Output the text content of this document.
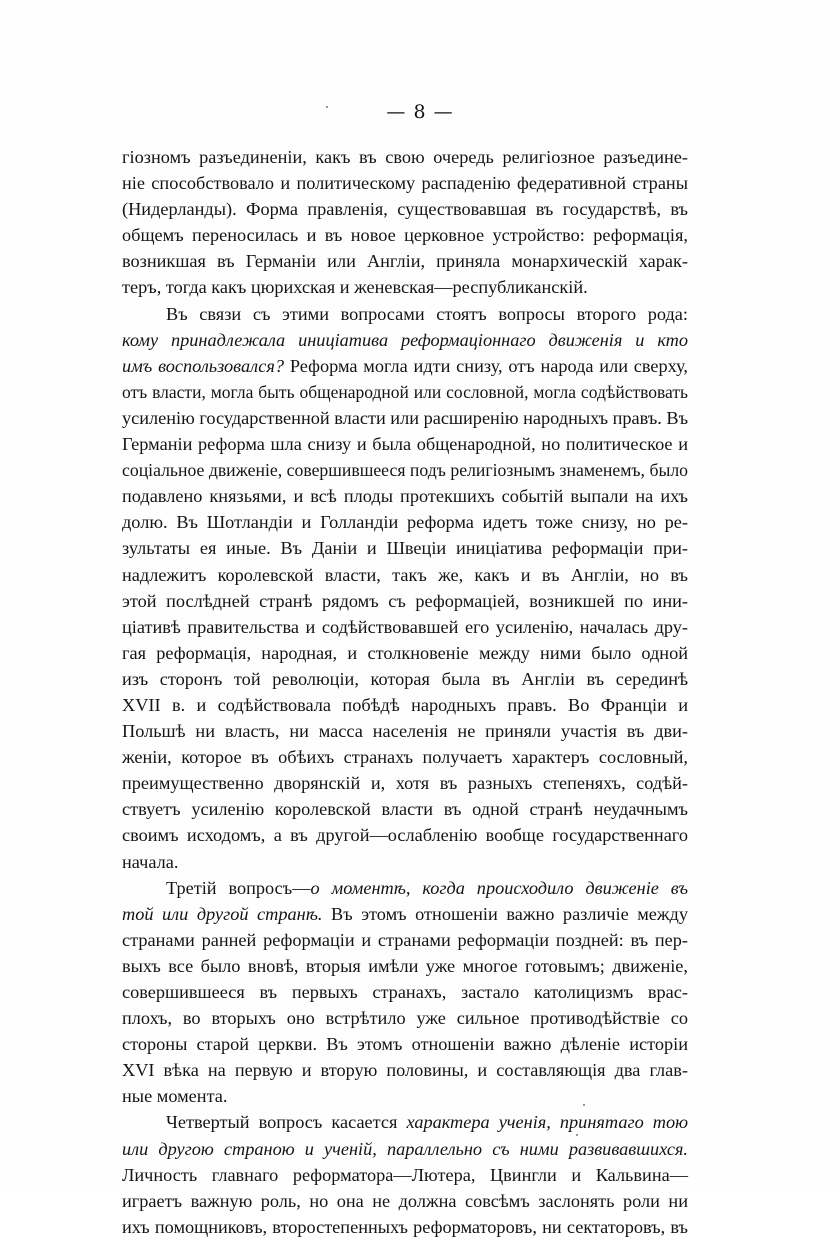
— 8 —
гіозномъ разъединеніи, какъ въ свою очередь религіозное разъедине-
ніе способствовало и политическому распаденію федеративной страны
(Нидерланды). Форма правленія, существовавшая въ государствѣ, въ
общемъ переносилась и въ новое церковное устройство: реформація,
возникшая въ Германіи или Англіи, приняла монархическій харак-
теръ, тогда какъ цюрихская и женевская—республиканскій.
Въ связи съ этими вопросами стоятъ вопросы второго рода:
кому принадлежала иниціатива реформаціоннаго движенія и кто
имъ воспользовался? Реформа могла идти снизу, отъ народа или сверху,
отъ власти, могла быть общенародной или сословной, могла содѣйствовать
усиленію государственной власти или расширенію народныхъ правъ. Въ
Германіи реформа шла снизу и была общенародной, но политическое и
соціальное движеніе, совершившееся подъ религіознымъ знаменемъ, было
подавлено князьями, и всѣ плоды протекшихъ событій выпали на ихъ
долю. Въ Шотландіи и Голландіи реформа идетъ тоже снизу, но ре-
зультаты ея иные. Въ Даніи и Швеціи иниціатива реформаціи при-
надлежитъ королевской власти, такъ же, какъ и въ Англіи, но въ
этой послѣдней странѣ рядомъ съ реформаціей, возникшей по ини-
ціативѣ правительства и содѣйствовавшей его усиленію, началась дру-
гая реформація, народная, и столкновеніе между ними было одной
изъ сторонъ той революціи, которая была въ Англіи въ серединѣ
XVII в. и содѣйствовала побѣдѣ народныхъ правъ. Во Франціи и
Польшѣ ни власть, ни масса населенія не приняли участія въ дви-
женіи, которое въ обѣихъ странахъ получаетъ характеръ сословный,
преимущественно дворянскій и, хотя въ разныхъ степеняхъ, содѣй-
ствуетъ усиленію королевской власти въ одной странѣ неудачнымъ
своимъ исходомъ, а въ другой—ослабленію вообще государственнаго
начала.
Третій вопросъ—о моментѣ, когда происходило движеніе въ
той или другой странѣ. Въ этомъ отношеніи важно различіе между
странами ранней реформаціи и странами реформаціи поздней: въ пер-
выхъ все было вновѣ, вторыя имѣли уже многое готовымъ; движеніе,
совершившееся въ первыхъ странахъ, застало католицизмъ врас-
плохъ, во вторыхъ оно встрѣтило уже сильное противодѣйствіе со
стороны старой церкви. Въ этомъ отношеніи важно дѣленіе исторіи
XVI вѣка на первую и вторую половины, и составляющія два глав-
ные момента.
Четвертый вопросъ касается характера ученія, принятаго тою
или другою страною и ученій, параллельно съ ними развивавшихся.
Личность главнаго реформатора—Лютера, Цвингли и Кальвина—
играетъ важную роль, но она не должна совсѣмъ заслонять роли ни
ихъ помощниковъ, второстепенныхъ реформаторовъ, ни сектаторовъ, въ
